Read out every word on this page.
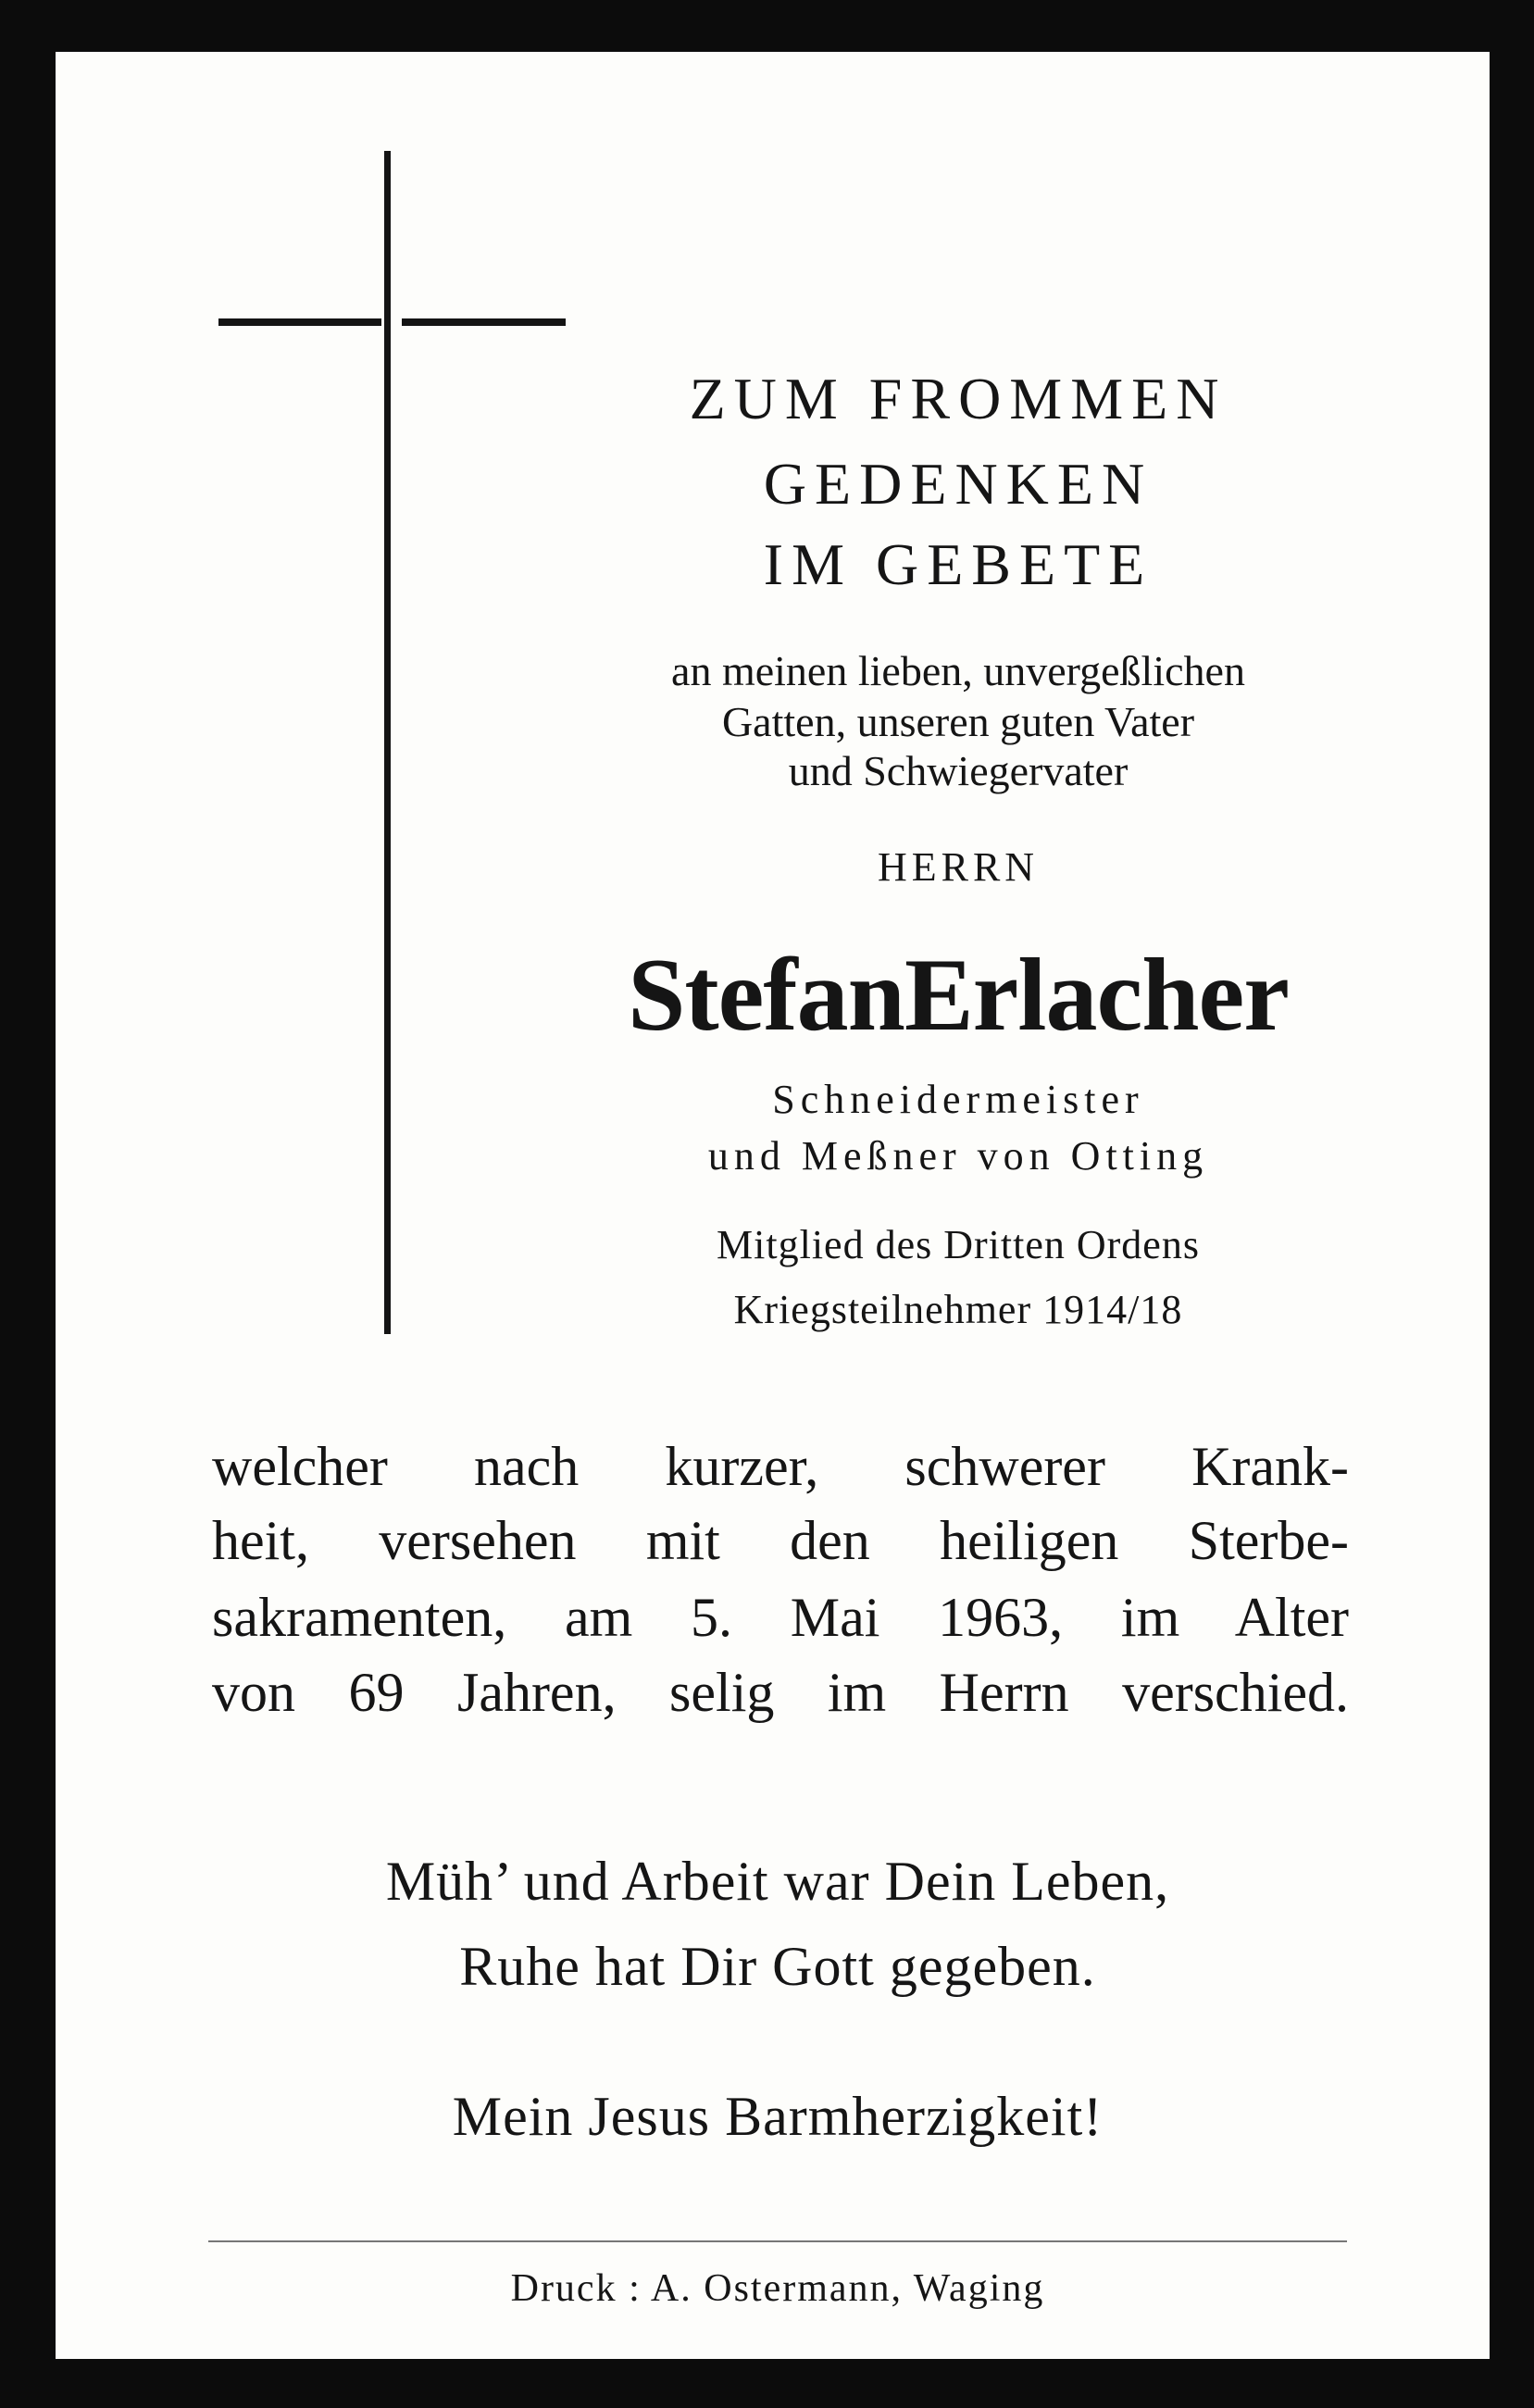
ZUM FROMMEN
GEDENKEN
IM GEBETE
an meinen lieben, unvergeßlichen
Gatten, unseren guten Vater
und Schwiegervater
HERRN
StefanErlacher
Schneidermeister
und Meßner von Otting
Mitglied des Dritten Ordens
Kriegsteilnehmer 1914/18
welcher nach kurzer, schwerer Krank-
heit, versehen mit den heiligen Sterbe-
sakramenten, am 5. Mai 1963, im Alter
von 69 Jahren, selig im Herrn verschied.
Müh’ und Arbeit war Dein Leben,
Ruhe hat Dir Gott gegeben.
Mein Jesus Barmherzigkeit!
Druck : A. Ostermann, Waging
